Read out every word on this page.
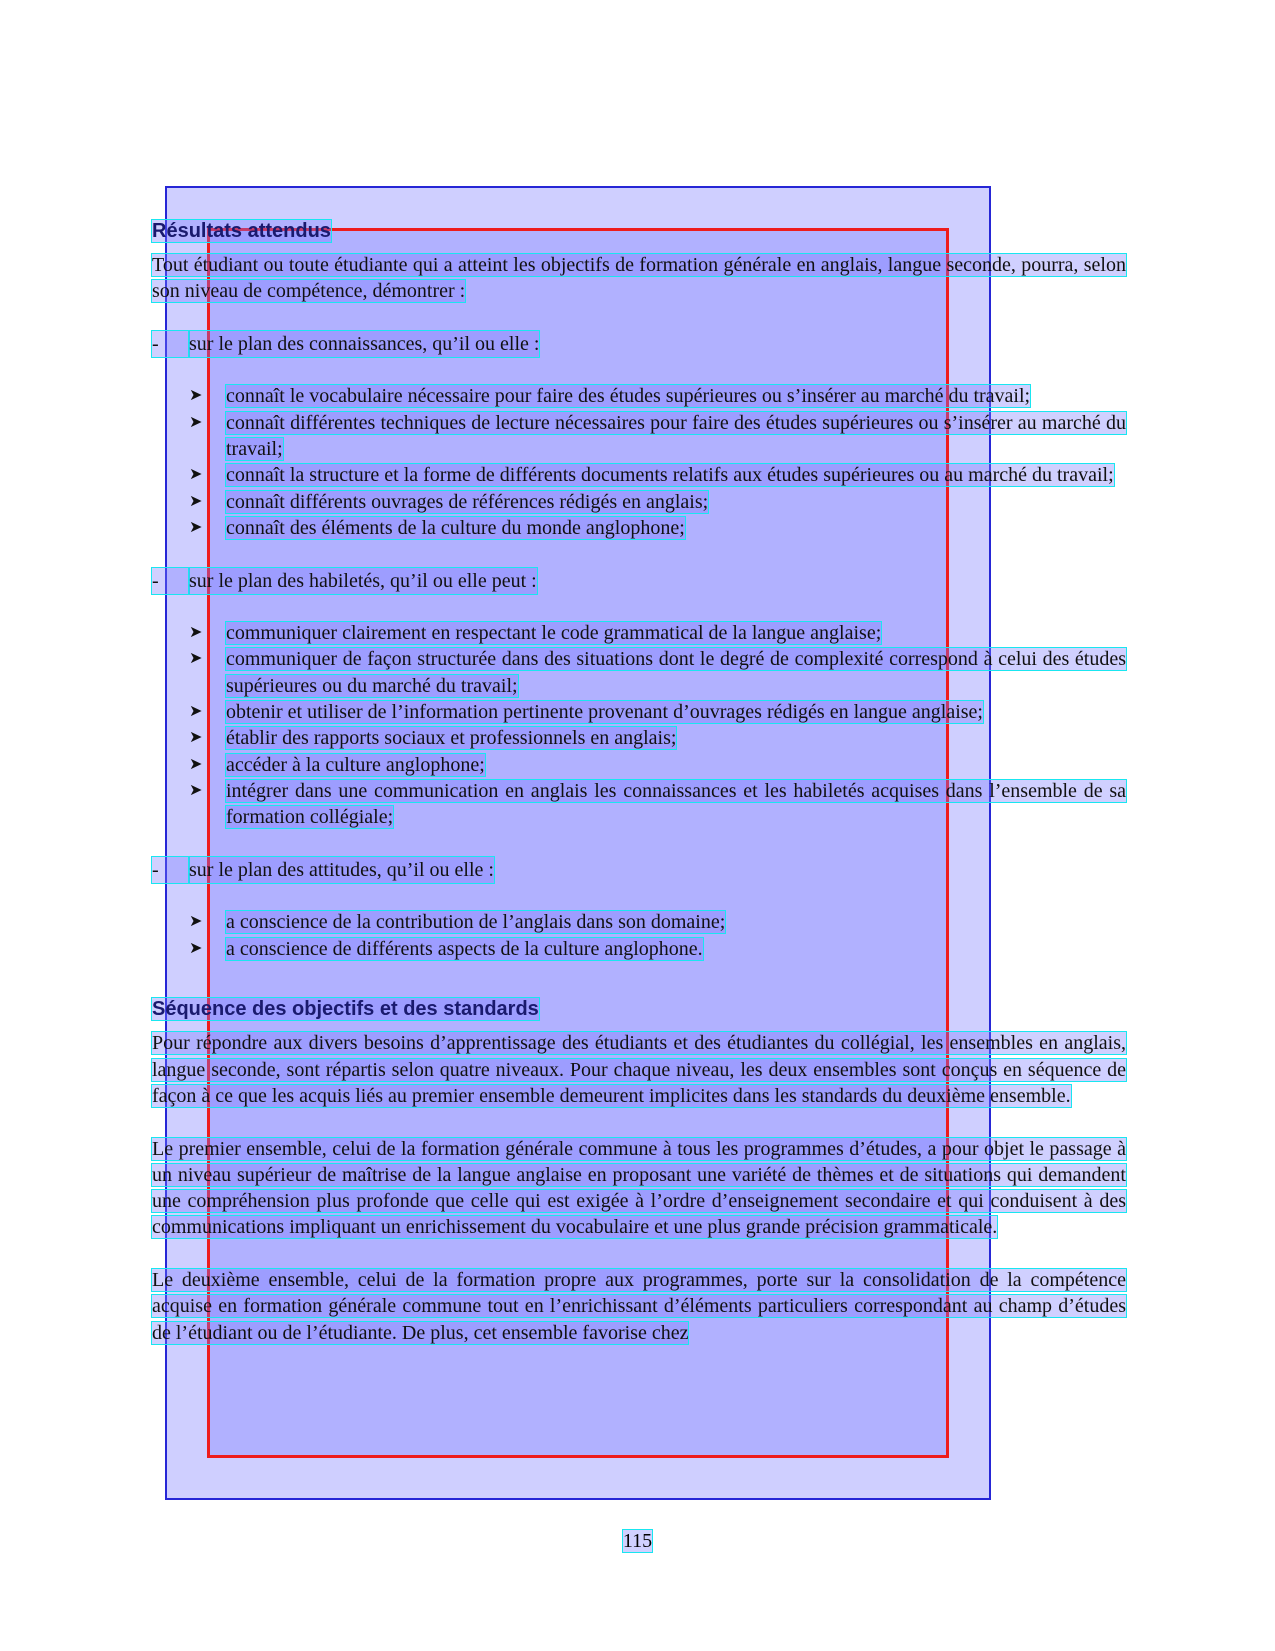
Résultats attendus

Tout étudiant ou toute étudiante qui a atteint les objectifs de formation générale en anglais, langue seconde, pourra, selon son niveau de compétence, démontrer :

-	sur le plan des connaissances, qu’il ou elle :
➤	connaît le vocabulaire nécessaire pour faire des études supérieures ou s’insérer au marché du travail;
➤	connaît différentes techniques de lecture nécessaires pour faire des études supérieures ou s’insérer au marché du travail;
➤	connaît la structure et la forme de différents documents relatifs aux études supérieures ou au marché du travail;
➤	connaît différents ouvrages de références rédigés en anglais;
➤	connaît des éléments de la culture du monde anglophone;
-	sur le plan des habiletés, qu’il ou elle peut :
➤	communiquer clairement en respectant le code grammatical de la langue anglaise;
➤	communiquer de façon structurée dans des situations dont le degré de complexité correspond à celui des études supérieures ou du marché du travail;
➤	obtenir et utiliser de l’information pertinente provenant d’ouvrages rédigés en langue anglaise;
➤	établir des rapports sociaux et professionnels en anglais;
➤	accéder à la culture anglophone;
➤	intégrer dans une communication en anglais les connaissances et les habiletés acquises dans l’ensemble de sa formation collégiale;
-	sur le plan des attitudes, qu’il ou elle :
➤	a conscience de la contribution de l’anglais dans son domaine;
➤	a conscience de différents aspects de la culture anglophone.
Séquence des objectifs et des standards

Pour répondre aux divers besoins d’apprentissage des étudiants et des étudiantes du collégial, les ensembles en anglais, langue seconde, sont répartis selon quatre niveaux. Pour chaque niveau, les deux ensembles sont conçus en séquence de façon à ce que les acquis liés au premier ensemble demeurent implicites dans les standards du deuxième ensemble.

Le premier ensemble, celui de la formation générale commune à tous les programmes d’études, a pour objet le passage à un niveau supérieur de maîtrise de la langue anglaise en proposant une variété de thèmes et de situations qui demandent une compréhension plus profonde que celle qui est exigée à l’ordre d’enseignement secondaire et qui conduisent à des communications impliquant un enrichissement du vocabulaire et une plus grande précision grammaticale.

Le deuxième ensemble, celui de la formation propre aux programmes, porte sur la consolidation de la compétence acquise en formation générale commune tout en l’enrichissant d’éléments particuliers correspondant au champ d’études de l’étudiant ou de l’étudiante. De plus, cet ensemble favorise chez

115
